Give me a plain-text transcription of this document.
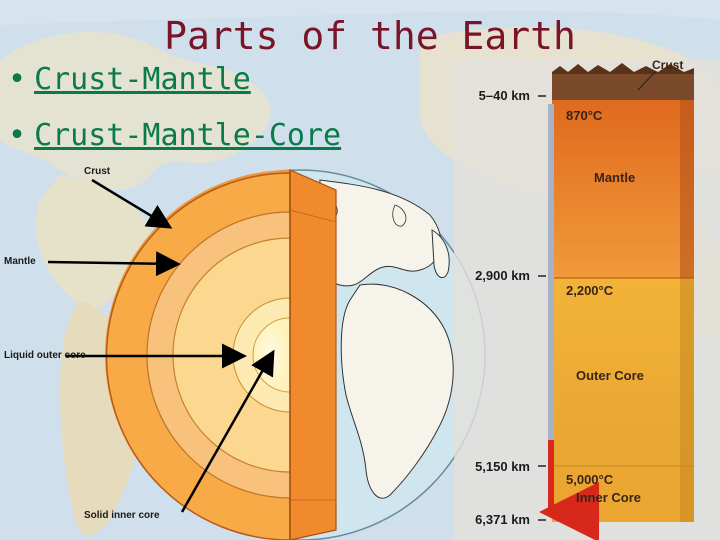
Parts of the Earth
• Crust-Mantle
• Crust-Mantle-Core
Crust
Mantle
Liquid outer core
Solid inner core
Crust
5–40 km
2,900 km
5,150 km
6,371 km
870°C
Mantle
2,200°C
Outer Core
5,000°C
Inner Core
